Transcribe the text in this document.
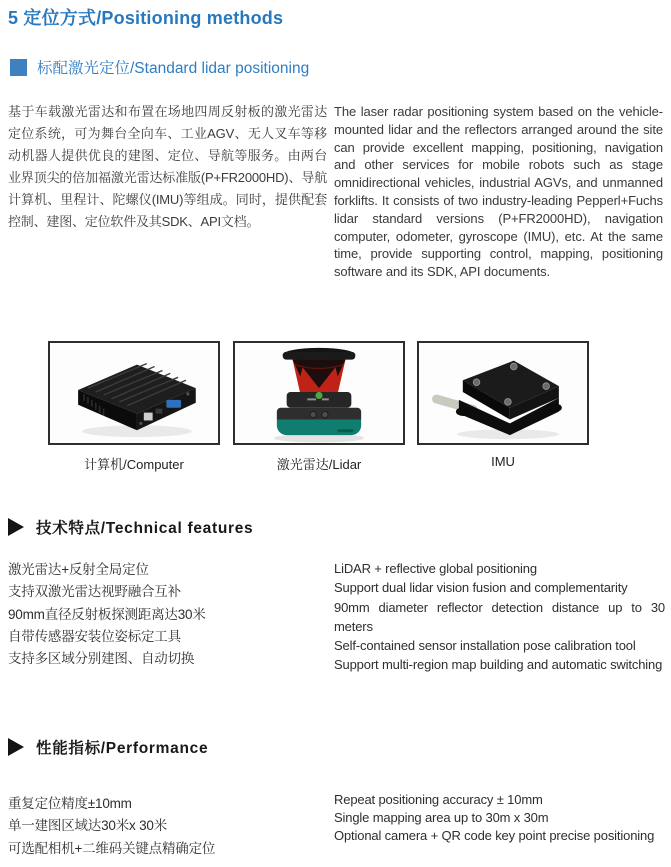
5 定位方式/Positioning methods
标配激光定位/Standard lidar positioning

基于车载激光雷达和布置在场地四周反射板的激光雷达定位系统，可为舞台全向车、工业AGV、无人叉车等移动机器人提供优良的建图、定位、导航等服务。由两台业界顶尖的倍加福激光雷达标准版(P+FR2000HD)、导航计算机、里程计、陀螺仪(IMU)等组成。同时，提供配套控制、建图、定位软件及其SDK、API文档。

The laser radar positioning system based on the vehicle-mounted lidar and the reflectors arranged around the site can provide excellent mapping, positioning, navigation and other services for mobile robots such as stage omnidirectional vehicles, industrial AGVs, and unmanned forklifts. It consists of two industry-leading Pepperl+Fuchs lidar standard versions (P+FR2000HD), navigation computer, odometer, gyroscope (IMU), etc. At the same time, provide supporting control, mapping, positioning software and its SDK, API documents.

计算机/Computer	激光雷达/Lidar	IMU
技术特点/Technical features
激光雷达+反射全局定位
支持双激光雷达视野融合互补
90mm直径反射板探测距离达30米
自带传感器安装位姿标定工具
支持多区域分别建图、自动切换
LiDAR + reflective global positioning
Support dual lidar vision fusion and complementarity
90mm diameter reflector detection distance up to 30 meters
Self-contained sensor installation pose calibration tool
Support multi-region map building and automatic switching
性能指标/Performance
重复定位精度±10mm
单一建图区域达30米x 30米
可选配相机+二维码关键点精确定位
Repeat positioning accuracy ± 10mm
Single mapping area up to 30m x 30m
Optional camera + QR code key point precise positioning
